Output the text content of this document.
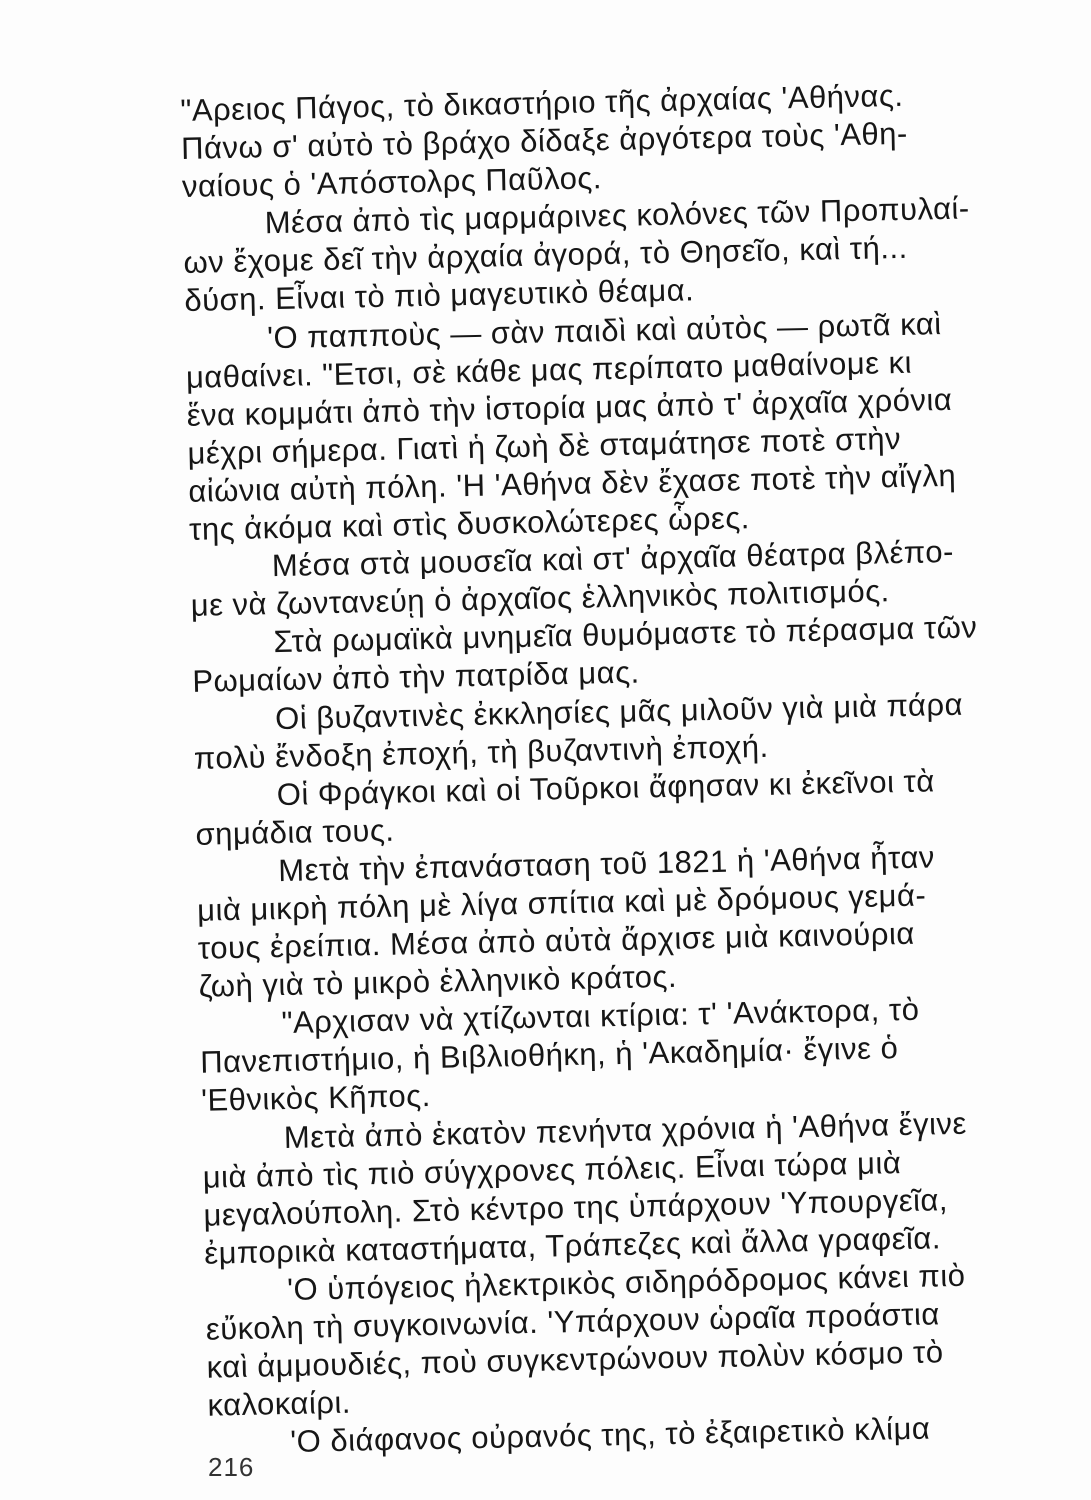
"Αρειος Πάγος, τὸ δικαστήριο τῆς ἀρχαίας 'Αθήνας.
Πάνω σ' αὐτὸ τὸ βράχο δίδαξε ἀργότερα τοὺς 'Αθη-
ναίους ὁ 'Απόστολρς Παῦλος.
Μέσα ἀπὸ τὶς μαρμάρινες κολόνες τῶν Προπυλαί-
ων ἔχομε δεῖ τὴν ἀρχαία ἀγορά, τὸ Θησεῖο, καὶ τή...
δύση. Εἶναι τὸ πιὸ μαγευτικὸ θέαμα.
'Ο παπποὺς — σὰν παιδὶ καὶ αὐτὸς — ρωτᾶ καὶ
μαθαίνει. "Ετσι, σὲ κάθε μας περίπατο μαθαίνομε κι
ἕνα κομμάτι ἀπὸ τὴν ἱστορία μας ἀπὸ τ' ἀρχαῖα χρόνια
μέχρι σήμερα. Γιατὶ ἡ ζωὴ δὲ σταμάτησε ποτὲ στὴν
αἰώνια αὐτὴ πόλη. 'Η 'Αθήνα δὲν ἔχασε ποτὲ τὴν αἴγλη
της ἀκόμα καὶ στὶς δυσκολώτερες ὧρες.
Μέσα στὰ μουσεῖα καὶ στ' ἀρχαῖα θέατρα βλέπο-
με νὰ ζωντανεύῃ ὁ ἀρχαῖος ἑλληνικὸς πολιτισμός.
Στὰ ρωμαϊκὰ μνημεῖα θυμόμαστε τὸ πέρασμα τῶν
Ρωμαίων ἀπὸ τὴν πατρίδα μας.
Οἱ βυζαντινὲς ἐκκλησίες μᾶς μιλοῦν γιὰ μιὰ πάρα
πολὺ ἔνδοξη ἐποχή, τὴ βυζαντινὴ ἐποχή.
Οἱ Φράγκοι καὶ οἱ Τοῦρκοι ἄφησαν κι ἐκεῖνοι τὰ
σημάδια τους.
Μετὰ τὴν ἐπανάσταση τοῦ 1821 ἡ 'Αθήνα ἦταν
μιὰ μικρὴ πόλη μὲ λίγα σπίτια καὶ μὲ δρόμους γεμά-
τους ἐρείπια. Μέσα ἀπὸ αὐτὰ ἄρχισε μιὰ καινούρια
ζωὴ γιὰ τὸ μικρὸ ἑλληνικὸ κράτος.
"Αρχισαν νὰ χτίζωνται κτίρια: τ' 'Ανάκτορα, τὸ
Πανεπιστήμιο, ἡ Βιβλιοθήκη, ἡ 'Ακαδημία· ἔγινε ὁ
'Εθνικὸς Κῆπος.
Μετὰ ἀπὸ ἑκατὸν πενήντα χρόνια ἡ 'Αθήνα ἔγινε
μιὰ ἀπὸ τὶς πιὸ σύγχρονες πόλεις. Εἶναι τώρα μιὰ
μεγαλούπολη. Στὸ κέντρο της ὑπάρχουν 'Υπουργεῖα,
ἐμπορικὰ καταστήματα, Τράπεζες καὶ ἄλλα γραφεῖα.
'Ο ὑπόγειος ἠλεκτρικὸς σιδηρόδρομος κάνει πιὸ
εὔκολη τὴ συγκοινωνία. 'Υπάρχουν ὡραῖα προάστια
καὶ ἀμμουδιές, ποὺ συγκεντρώνουν πολὺν κόσμο τὸ
καλοκαίρι.
'Ο διάφανος οὐρανός της, τὸ ἐξαιρετικὸ κλίμα
216
